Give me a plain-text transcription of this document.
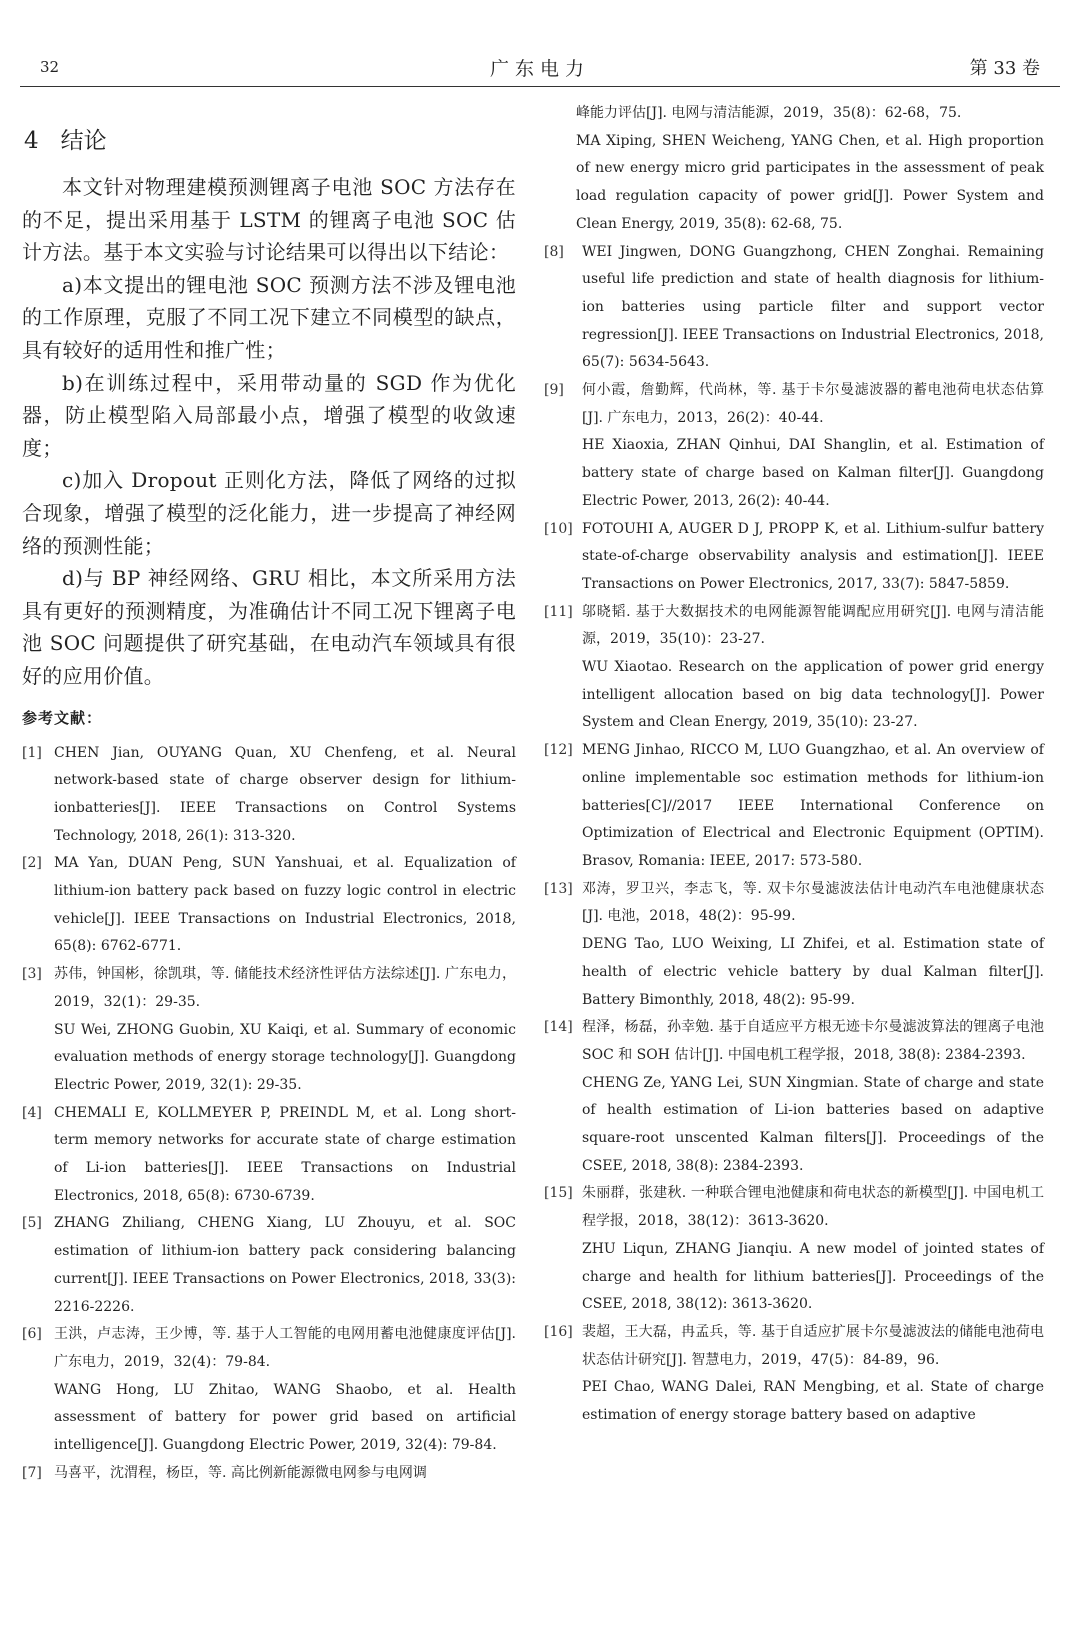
32	广东电力	第 33 卷
4 结论

本文针对物理建模预测锂离子电池 SOC 方法存在的不足，提出采用基于 LSTM 的锂离子电池 SOC 估计方法。基于本文实验与讨论结果可以得出以下结论：

a)本文提出的锂电池 SOC 预测方法不涉及锂电池的工作原理，克服了不同工况下建立不同模型的缺点，具有较好的适用性和推广性；

b)在训练过程中，采用带动量的 SGD 作为优化器，防止模型陷入局部最小点，增强了模型的收敛速度；

c)加入 Dropout 正则化方法，降低了网络的过拟合现象，增强了模型的泛化能力，进一步提高了神经网络的预测性能；

d)与 BP 神经网络、GRU 相比，本文所采用方法具有更好的预测精度，为准确估计不同工况下锂离子电池 SOC 问题提供了研究基础，在电动汽车领域具有很好的应用价值。

参考文献：
[1] CHEN Jian, OUYANG Quan, XU Chenfeng, et al. Neural network-based state of charge observer design for lithium-ionbatteries[J]. IEEE Transactions on Control Systems Technology, 2018, 26(1): 313-320.
[2] MA Yan, DUAN Peng, SUN Yanshuai, et al. Equalization of lithium-ion battery pack based on fuzzy logic control in electric vehicle[J]. IEEE Transactions on Industrial Electronics, 2018, 65(8): 6762-6771.
[3] 苏伟，钟国彬，徐凯琪，等. 储能技术经济性评估方法综述[J]. 广东电力，2019，32(1)：29-35.
SU Wei, ZHONG Guobin, XU Kaiqi, et al. Summary of economic evaluation methods of energy storage technology[J]. Guangdong Electric Power, 2019, 32(1): 29-35.
[4] CHEMALI E, KOLLMEYER P, PREINDL M, et al. Long short-term memory networks for accurate state of charge estimation of Li-ion batteries[J]. IEEE Transactions on Industrial Electronics, 2018, 65(8): 6730-6739.
[5] ZHANG Zhiliang, CHENG Xiang, LU Zhouyu, et al. SOC estimation of lithium-ion battery pack considering balancing current[J]. IEEE Transactions on Power Electronics, 2018, 33(3): 2216-2226.
[6] 王洪，卢志涛，王少博，等. 基于人工智能的电网用蓄电池健康度评估[J]. 广东电力，2019，32(4)：79-84.
WANG Hong, LU Zhitao, WANG Shaobo, et al. Health assessment of battery for power grid based on artificial intelligence[J]. Guangdong Electric Power, 2019, 32(4): 79-84.
[7] 马喜平，沈渭程，杨臣，等. 高比例新能源微电网参与电网调
峰能力评估[J]. 电网与清洁能源，2019，35(8)：62-68，75.
MA Xiping, SHEN Weicheng, YANG Chen, et al. High proportion of new energy micro grid participates in the assessment of peak load regulation capacity of power grid[J]. Power System and Clean Energy, 2019, 35(8): 62-68, 75.
[8] WEI Jingwen, DONG Guangzhong, CHEN Zonghai. Remaining useful life prediction and state of health diagnosis for lithium-ion batteries using particle filter and support vector regression[J]. IEEE Transactions on Industrial Electronics, 2018, 65(7): 5634-5643.
[9] 何小霞，詹勤辉，代尚林，等. 基于卡尔曼滤波器的蓄电池荷电状态估算[J]. 广东电力，2013，26(2)：40-44.
HE Xiaoxia, ZHAN Qinhui, DAI Shanglin, et al. Estimation of battery state of charge based on Kalman filter[J]. Guangdong Electric Power, 2013, 26(2): 40-44.
[10] FOTOUHI A, AUGER D J, PROPP K, et al. Lithium-sulfur battery state-of-charge observability analysis and estimation[J]. IEEE Transactions on Power Electronics, 2017, 33(7): 5847-5859.
[11] 邬晓韬. 基于大数据技术的电网能源智能调配应用研究[J]. 电网与清洁能源，2019，35(10)：23-27.
WU Xiaotao. Research on the application of power grid energy intelligent allocation based on big data technology[J]. Power System and Clean Energy, 2019, 35(10): 23-27.
[12] MENG Jinhao, RICCO M, LUO Guangzhao, et al. An overview of online implementable soc estimation methods for lithium-ion batteries[C]//2017 IEEE International Conference on Optimization of Electrical and Electronic Equipment (OPTIM). Brasov, Romania: IEEE, 2017: 573-580.
[13] 邓涛，罗卫兴，李志飞，等. 双卡尔曼滤波法估计电动汽车电池健康状态[J]. 电池，2018，48(2)：95-99.
DENG Tao, LUO Weixing, LI Zhifei, et al. Estimation state of health of electric vehicle battery by dual Kalman filter[J]. Battery Bimonthly, 2018, 48(2): 95-99.
[14] 程泽，杨磊，孙幸勉. 基于自适应平方根无迹卡尔曼滤波算法的锂离子电池 SOC 和 SOH 估计[J]. 中国电机工程学报，2018, 38(8): 2384-2393.
CHENG Ze, YANG Lei, SUN Xingmian. State of charge and state of health estimation of Li-ion batteries based on adaptive square-root unscented Kalman filters[J]. Proceedings of the CSEE, 2018, 38(8): 2384-2393.
[15] 朱丽群，张建秋. 一种联合锂电池健康和荷电状态的新模型[J]. 中国电机工程学报，2018，38(12)：3613-3620.
ZHU Liqun, ZHANG Jianqiu. A new model of jointed states of charge and health for lithium batteries[J]. Proceedings of the CSEE, 2018, 38(12): 3613-3620.
[16] 裴超，王大磊，冉孟兵，等. 基于自适应扩展卡尔曼滤波法的储能电池荷电状态估计研究[J]. 智慧电力，2019，47(5)：84-89，96.
PEI Chao, WANG Dalei, RAN Mengbing, et al. State of charge estimation of energy storage battery based on adaptive
